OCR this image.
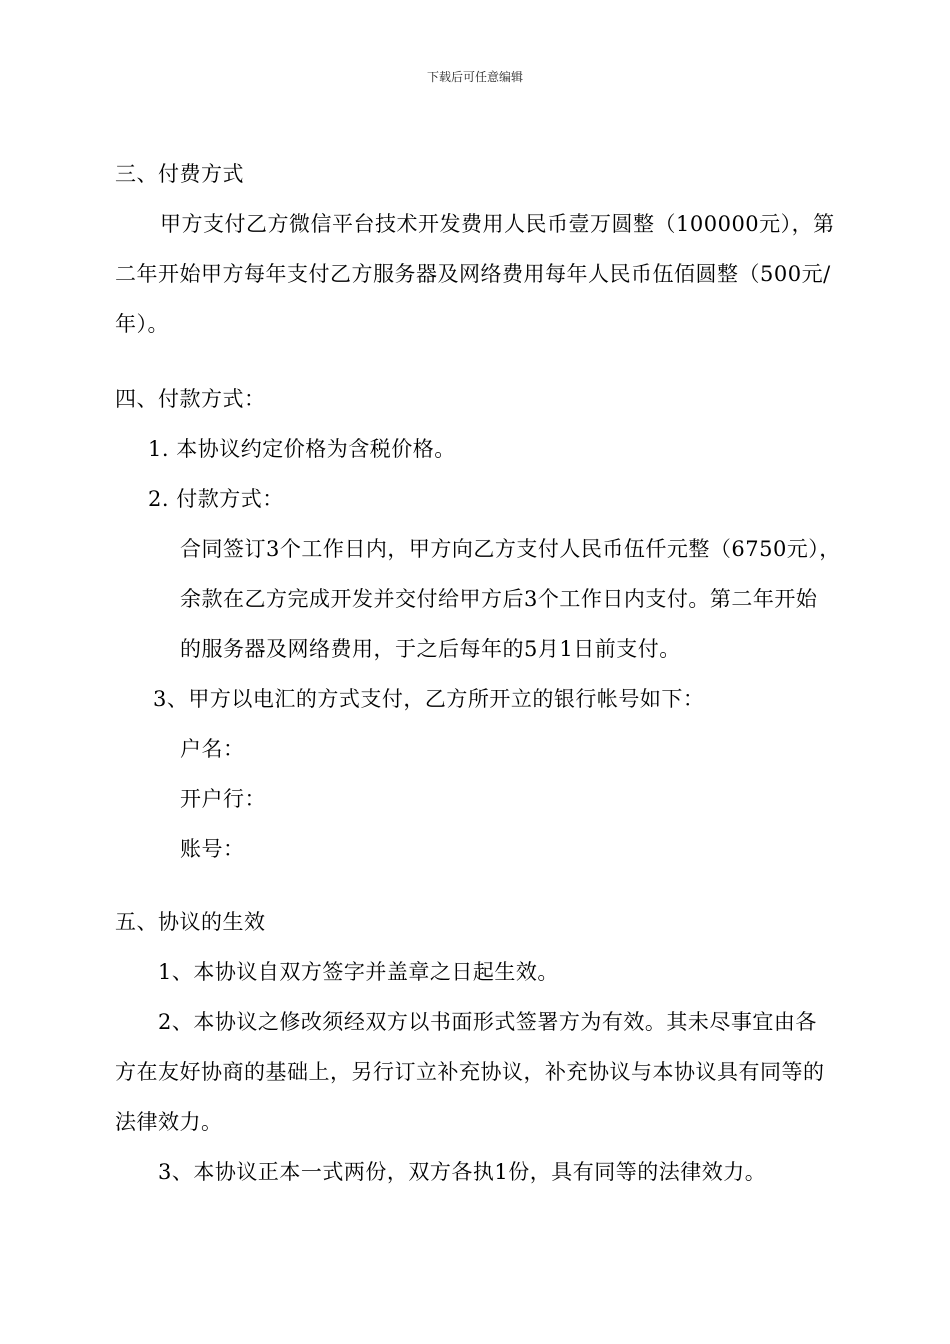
下载后可任意编辑
三、付费方式
甲方支付乙方微信平台技术开发费用人民币壹万圆整（100000元），第
二年开始甲方每年支付乙方服务器及网络费用每年人民币伍佰圆整（500元/
年）。
四、付款方式：
1. 本协议约定价格为含税价格。
2. 付款方式：
合同签订3个工作日内，甲方向乙方支付人民币伍仟元整（6750元），
余款在乙方完成开发并交付给甲方后3个工作日内支付。第二年开始
的服务器及网络费用，于之后每年的5月1日前支付。
3、甲方以电汇的方式支付，乙方所开立的银行帐号如下：
户名：
开户行：
账号：
五、协议的生效
1、本协议自双方签字并盖章之日起生效。
2、本协议之修改须经双方以书面形式签署方为有效。其未尽事宜由各
方在友好协商的基础上，另行订立补充协议，补充协议与本协议具有同等的
法律效力。
3、本协议正本一式两份，双方各执1份，具有同等的法律效力。
